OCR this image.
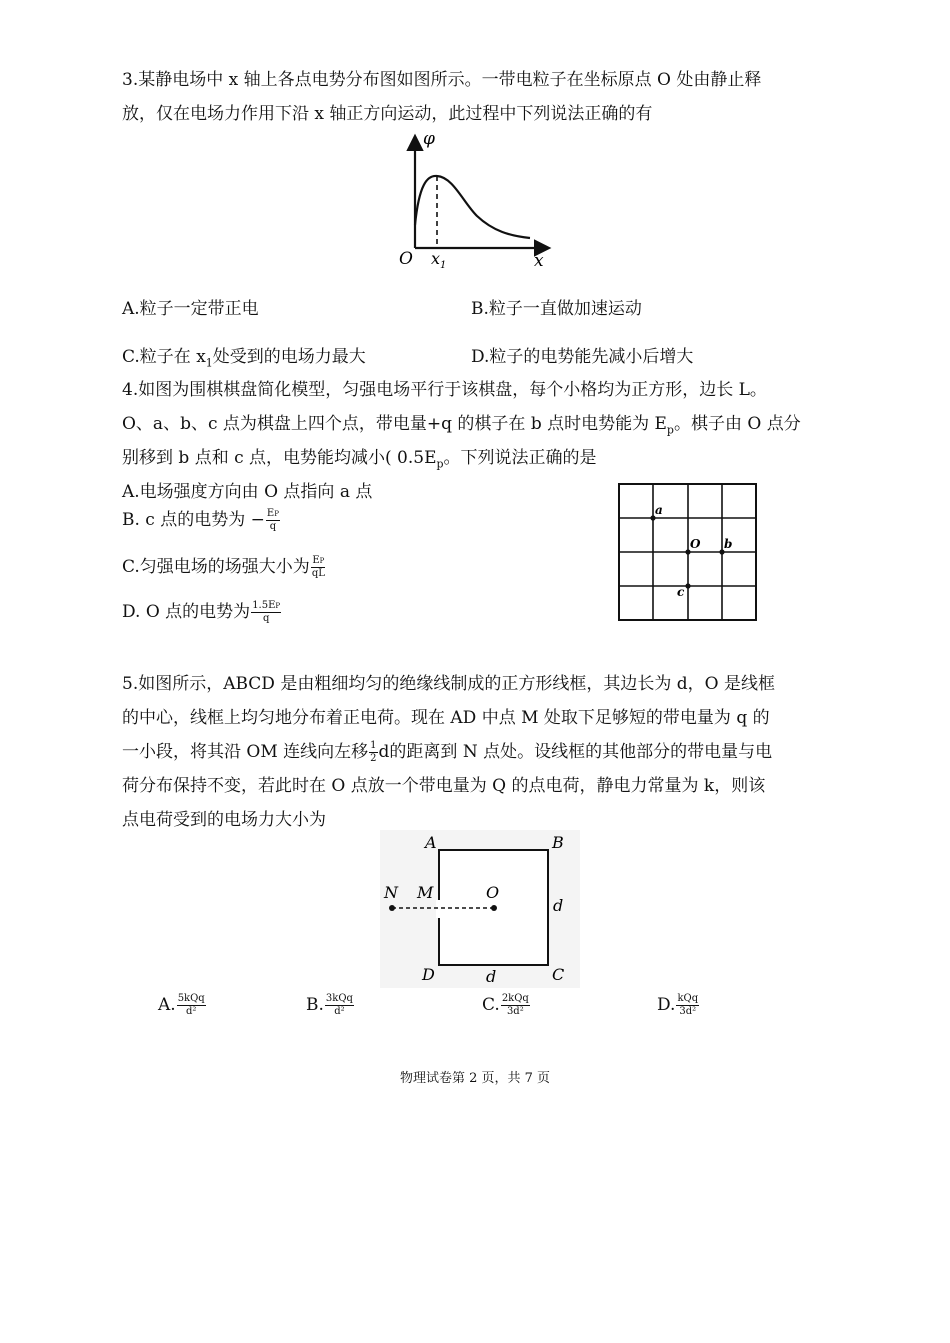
3.某静电场中 x 轴上各点电势分布图如图所示。一带电粒子在坐标原点 O 处由静止释
放，仅在电场力作用下沿 x 轴正方向运动，此过程中下列说法正确的有
φ
O $x_1$	x
A.粒子一定带正电	B.粒子一直做加速运动
C.粒子在 $x_1$处受到的电场力最大	D.粒子的电势能先减小后增大
4.如图为围棋棋盘简化模型，匀强电场平行于该棋盘，每个小格均为正方形，边长 L。
O、a、b、c 点为棋盘上四个点，带电量+q 的棋子在 b 点时电势能为 $E_p$。棋子由 O 点分
别移到 b 点和 c 点，电势能均减小( $0.5E_p$。下列说法正确的是
A.电场强度方向由 O 点指向 a 点
B. c 点的电势为 − $\frac{EP}{q}$
C.匀强电场的场强大小为 $\frac{EP}{qL}$
D. O 点的电势为 $\frac{1.5EP}{q}$
a
O b
c
5.如图所示，ABCD 是由粗细均匀的绝缘线制成的正方形线框，其边长为 d，O 是线框
的中心，线框上均匀地分布着正电荷。现在 AD 中点 M 处取下足够短的带电量为 q 的
一小段，将其沿 OM 连线向左移 $\frac{1}{2}$ d的距离到 N 点处。设线框的其他部分的带电量与电
荷分布保持不变，若此时在 O 点放一个带电量为 Q 的点电荷，静电力常量为 k，则该
点电荷受到的电场力大小为
A	B
C
D
N M	O
d
d
A. $\frac{\text{5kQq}}{\text{d²}}$	B. $\frac{\text{3kQq}}{\text{d²}}$	C. $\frac{\text{2kQq}}{\text{3d²}}$	D. $\frac{\text{kQq}}{\text{3d²}}$
物理试卷第 2 页，共 7 页
